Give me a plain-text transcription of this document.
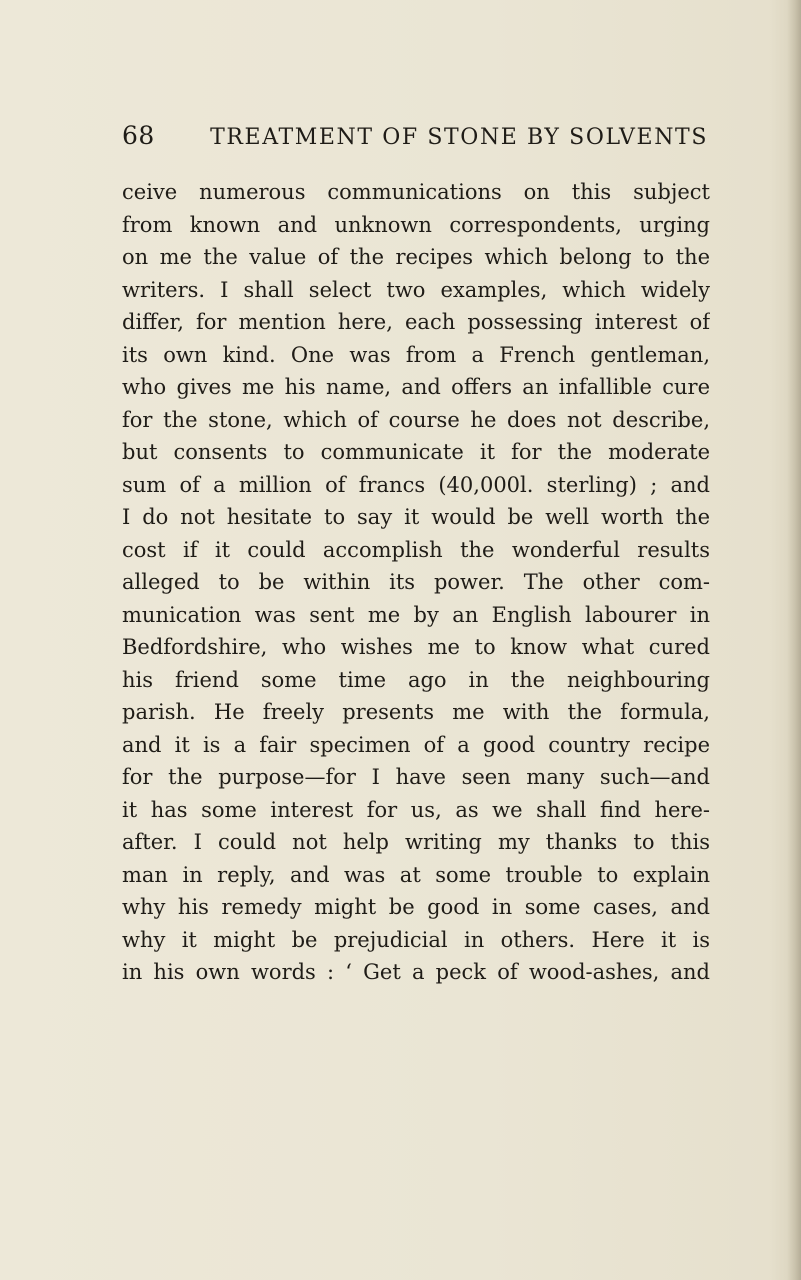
68	TREATMENT OF STONE BY SOLVENTS
ceive numerous communications on this subject
from known and unknown correspondents, urging
on me the value of the recipes which belong to the
writers. I shall select two examples, which widely
differ, for mention here, each possessing interest of
its own kind. One was from a French gentleman,
who gives me his name, and offers an infallible cure
for the stone, which of course he does not describe,
but consents to communicate it for the moderate
sum of a million of francs (40,000l. sterling) ; and
I do not hesitate to say it would be well worth the
cost if it could accomplish the wonderful results
alleged to be within its power. The other com-
munication was sent me by an English labourer in
Bedfordshire, who wishes me to know what cured
his friend some time ago in the neighbouring
parish. He freely presents me with the formula,
and it is a fair specimen of a good country recipe
for the purpose—for I have seen many such—and
it has some interest for us, as we shall find here-
after. I could not help writing my thanks to this
man in reply, and was at some trouble to explain
why his remedy might be good in some cases, and
why it might be prejudicial in others. Here it is
in his own words : ‘ Get a peck of wood-ashes, and
